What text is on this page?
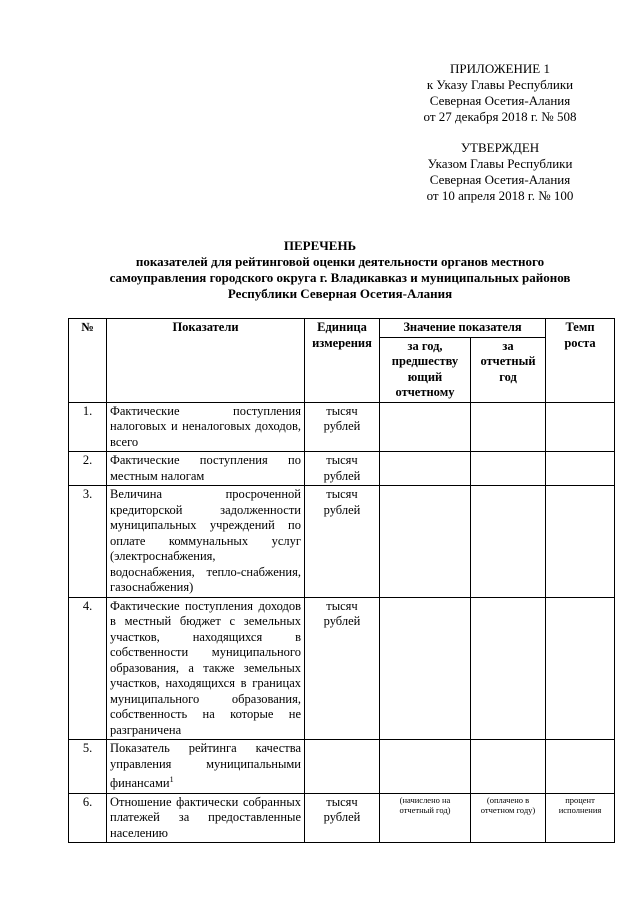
ПРИЛОЖЕНИЕ 1
к Указу Главы Республики
Северная Осетия-Алания
от 27 декабря 2018 г. № 508
УТВЕРЖДЕН
Указом Главы Республики
Северная Осетия-Алания
от 10 апреля 2018 г. № 100
ПЕРЕЧЕНЬ
показателей для рейтинговой оценки деятельности органов местного
самоуправления городского округа г. Владикавказ и муниципальных районов
Республики Северная Осетия-Алания
№	Показатели	Единица измерения	Значение показателя		Темп роста
			за год, предшеству ющий отчетному	за отчетный год	
1.	Фактические поступления налоговых и неналоговых доходов, всего	тысяч рублей			
2.	Фактические поступления по местным налогам	тысяч рублей			
3.	Величина просроченной кредиторской задолженности муниципальных учреждений по оплате коммунальных услуг (электроснабжения, водоснабжения, тепло-снабжения, газоснабжения)	тысяч рублей			
4.	Фактические поступления доходов в местный бюджет с земельных участков, находящихся в собственности муниципального образования, а также земельных участков, находящихся в границах муниципального образования, собственность на которые не разграничена	тысяч рублей			
5.	Показатель рейтинга качества управления муниципальными финансами$^1$				
6.	Отношение фактически собранных платежей за предоставленные населению	тысяч рублей	(начислено на отчетный год)	(оплачено в отчетном году)	процент исполнения
